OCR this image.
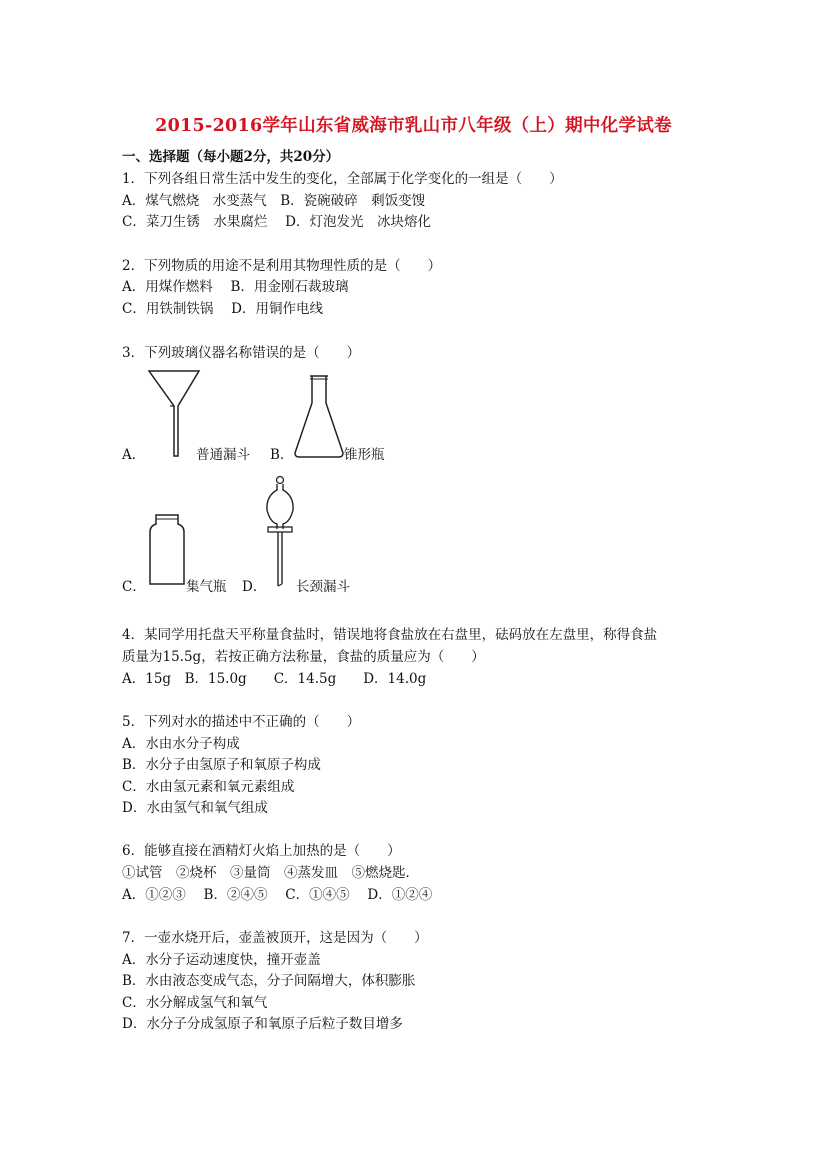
2015-2016学年山东省威海市乳山市八年级（上）期中化学试卷
一、选择题（每小题2分，共20分）
1．下列各组日常生活中发生的变化，全部属于化学变化的一组是（　　）
A．煤气燃烧　水变蒸气　B．瓷碗破碎　剩饭变馊
C．菜刀生锈　水果腐烂　 D．灯泡发光　冰块熔化
2．下列物质的用途不是利用其物理性质的是（　　）
A．用煤作燃料　 B．用金刚石裁玻璃
C．用铁制铁锅　 D．用铜作电线
3．下列玻璃仪器名称错误的是（　　）
A．	普通漏斗 B．	锥形瓶
C．	集气瓶 D． 长颈漏斗
4．某同学用托盘天平称量食盐时，错误地将食盐放在右盘里，砝码放在左盘里，称得食盐
质量为15.5g，若按正确方法称量，食盐的质量应为（　　）
A．15g　B．15.0g　　C．14.5g　　D．14.0g
5．下列对水的描述中不正确的（　　）
A．水由水分子构成
B．水分子由氢原子和氧原子构成
C．水由氢元素和氧元素组成
D．水由氢气和氧气组成
6．能够直接在酒精灯火焰上加热的是（　　）
①试管　②烧杯　③量筒　④蒸发皿　⑤燃烧匙．
A．①②③　 B．②④⑤　 C．①④⑤　 D．①②④
7．一壶水烧开后，壶盖被顶开，这是因为（　　）
A．水分子运动速度快，撞开壶盖
B．水由液态变成气态，分子间隔增大，体积膨胀
C．水分解成氢气和氧气
D．水分子分成氢原子和氧原子后粒子数目增多
